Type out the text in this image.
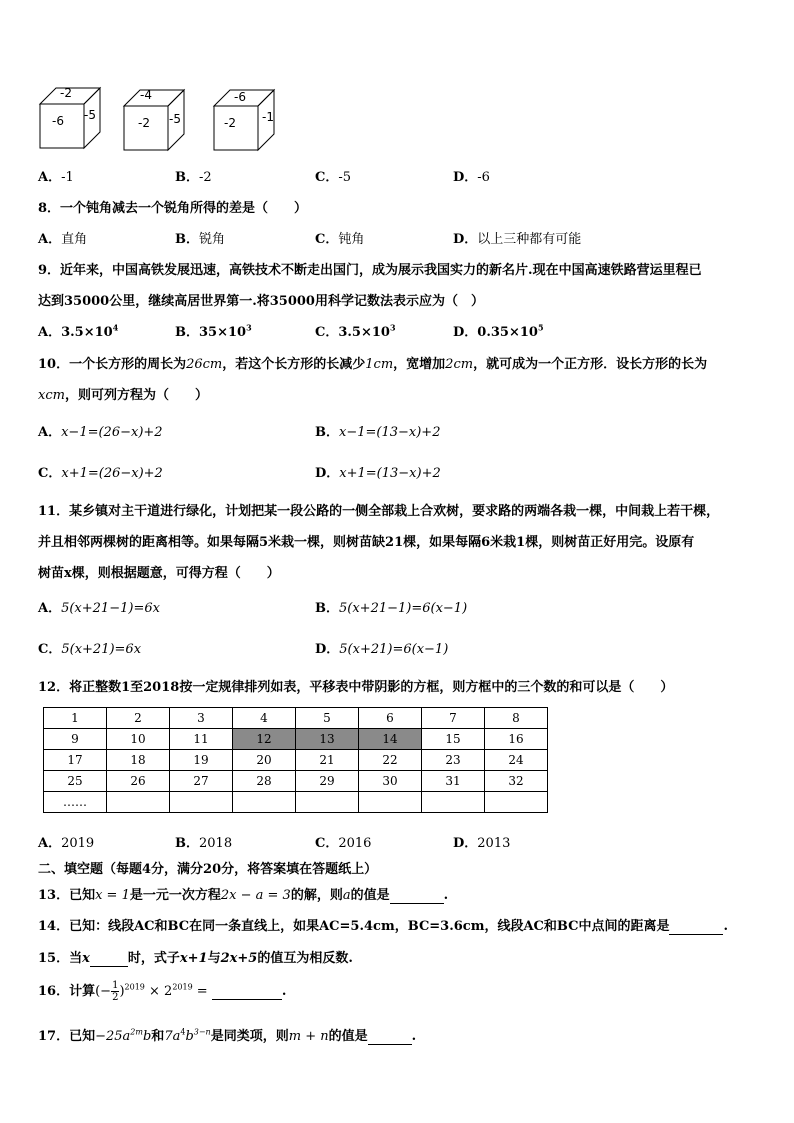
-2
-6 -5
-4
-2 -5
-6
-2 -1
A．-1	B．-2	C．-5	D．-6
8．一个钝角减去一个锐角所得的差是（　　）
A．直角	B．锐角	C．钝角	D．以上三种都有可能
9．近年来，中国高铁发展迅速，高铁技术不断走出国门，成为展示我国实力的新名片.现在中国高速铁路营运里程已
达到35000公里，继续高居世界第一.将35000用科学记数法表示应为（　）
A．$3.5\times 10^4$	B．$35\times 10^3$	C．$3.5\times 10^3$	D．$0.35\times 10^5$
10．一个长方形的周长为26cm，若这个长方形的长减少1cm，宽增加2cm，就可成为一个正方形．设长方形的长为
xcm，则可列方程为（　　）
A．x−1=(26−x)+2	B．x−1=(13−x)+2
C．x+1=(26−x)+2	D．x+1=(13−x)+2
11．某乡镇对主干道进行绿化，计划把某一段公路的一侧全部栽上合欢树，要求路的两端各栽一棵，中间栽上若干棵，
并且相邻两棵树的距离相等。如果每隔5米栽一棵，则树苗缺21棵，如果每隔6米栽1棵，则树苗正好用完。设原有
树苗x棵，则根据题意，可得方程（　　）
A．5(x+21−1)=6x	B．5(x+21−1)=6(x−1)
C．5(x+21)=6x	D．5(x+21)=6(x−1)
12．将正整数1至2018按一定规律排列如表，平移表中带阴影的方框，则方框中的三个数的和可以是（　　）
1	2	3	4	5	6	7	8
9	10	11	12	13	14	15	16
17	18	19	20	21	22	23	24
25	26	27	28	29	30	31	32
……							
A．2019	B．2018	C．2016	D．2013
二、填空题（每题4分，满分20分，将答案填在答题纸上）
13．已知x = 1是一元一次方程2x − a = 3的解，则a的值是	.
14．已知：线段AC和BC在同一条直线上，如果AC=5.4cm，BC=3.6cm，线段AC和BC中点间的距离是	.
15．当x	时，式子x+1与2x+5的值互为相反数.
16．计算(− $\frac{1}{2})^{2019} \times 2^{2019}$ =	.
17．已知$-25a^{2m}b$和$7a^4b^{3-n}$是同类项，则m + n的值是	.
